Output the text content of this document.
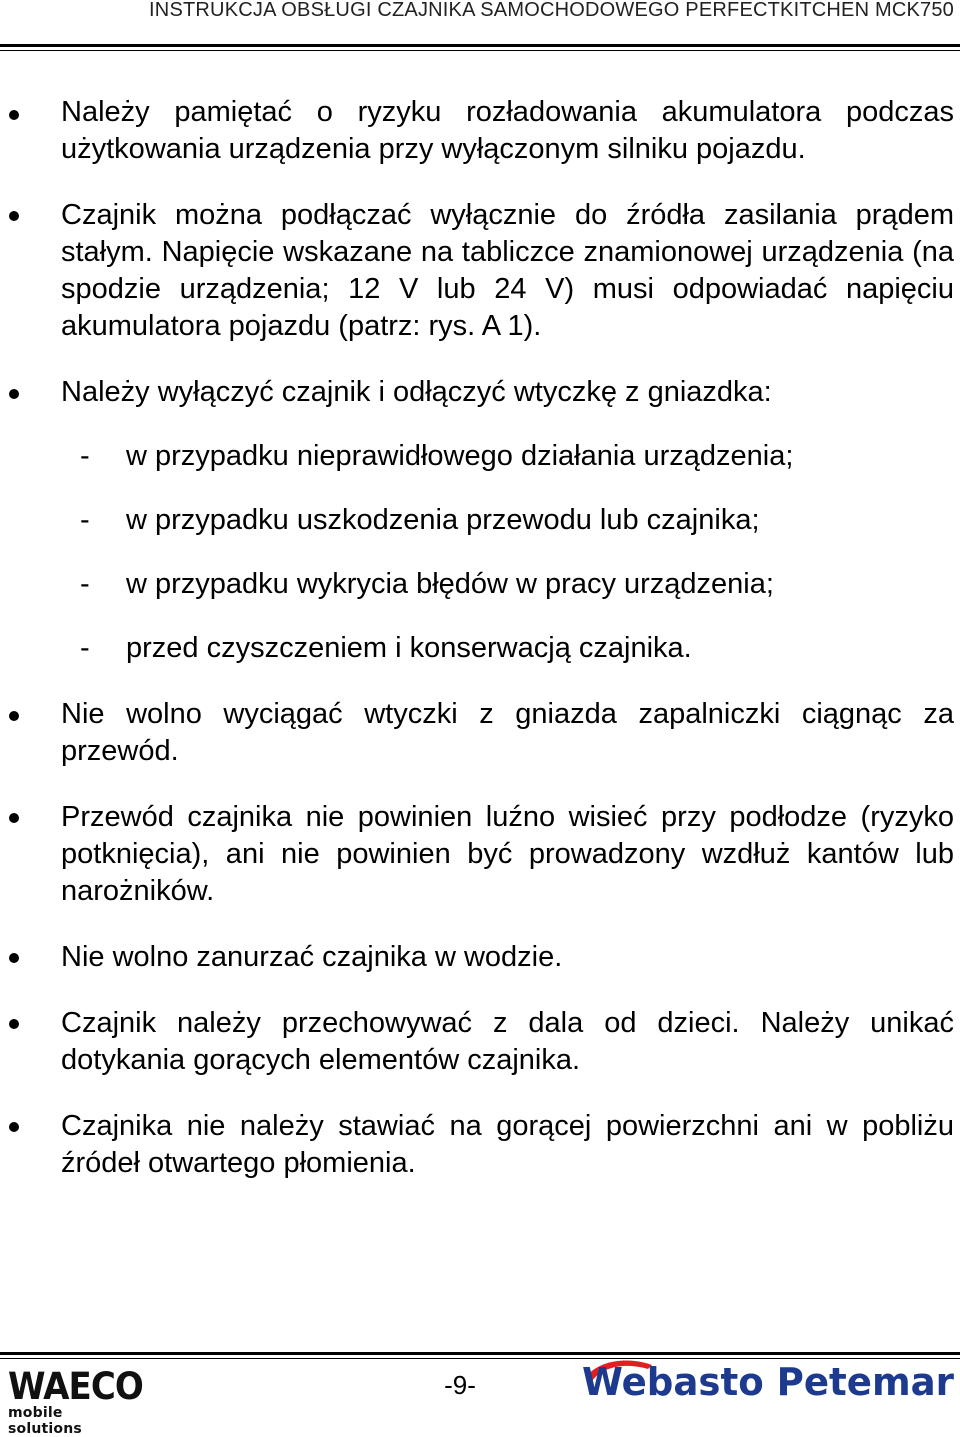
INSTRUKCJA OBSŁUGI CZAJNIKA SAMOCHODOWEGO PERFECTKITCHEN MCK750
Należy pamiętać o ryzyku rozładowania akumulatora podczas użytkowania urządzenia przy wyłączonym silniku pojazdu.
Czajnik można podłączać wyłącznie do źródła zasilania prądem stałym. Napięcie wskazane na tabliczce znamionowej urządzenia (na spodzie urządzenia; 12 V lub 24 V) musi odpowiadać napięciu akumulatora pojazdu (patrz: rys. A 1).
Należy wyłączyć czajnik i odłączyć wtyczkę z gniazdka:
- w przypadku nieprawidłowego działania urządzenia;
- w przypadku uszkodzenia przewodu lub czajnika;
- w przypadku wykrycia błędów w pracy urządzenia;
- przed czyszczeniem i konserwacją czajnika.
Nie wolno wyciągać wtyczki z gniazda zapalniczki ciągnąc za przewód.
Przewód czajnika nie powinien luźno wisieć przy podłodze (ryzyko potknięcia), ani nie powinien być prowadzony wzdłuż kantów lub narożników.
Nie wolno zanurzać czajnika w wodzie.
Czajnik należy przechowywać z dala od dzieci. Należy unikać dotykania gorących elementów czajnika.
Czajnika nie należy stawiać na gorącej powierzchni ani w pobliżu źródeł otwartego płomienia.
WAECO
mobile solutions
-9-	Webasto Petemar
